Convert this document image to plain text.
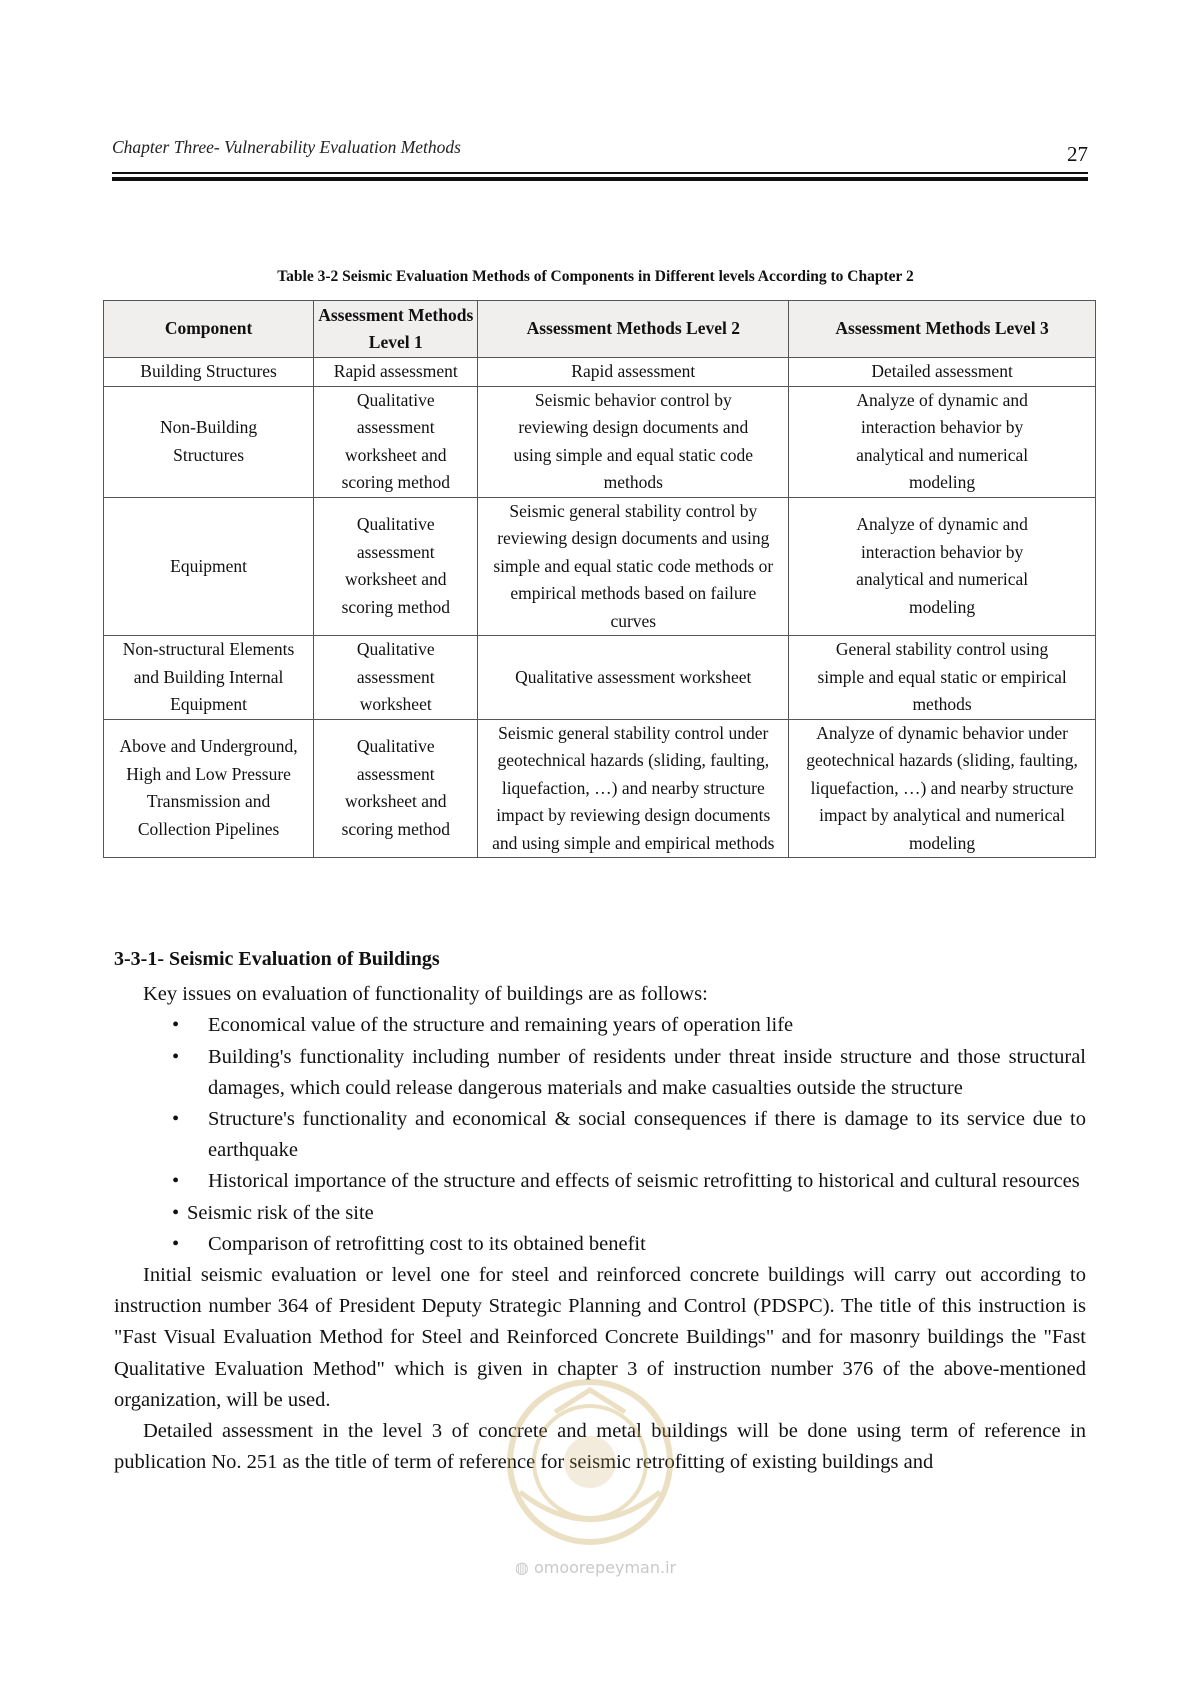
Chapter Three- Vulnerability Evaluation Methods	27
Table 3-2 Seismic Evaluation Methods of Components in Different levels According to Chapter 2
Component	Assessment Methods Level 1	Assessment Methods Level 2	Assessment Methods Level 3
Building Structures	Rapid assessment	Rapid assessment	Detailed assessment
Non-Building Structures	Qualitative assessment worksheet and scoring method	Seismic behavior control by reviewing design documents and using simple and equal static code methods	Analyze of dynamic and interaction behavior by analytical and numerical modeling
Equipment	Qualitative assessment worksheet and scoring method	Seismic general stability control by reviewing design documents and using simple and equal static code methods or empirical methods based on failure curves	Analyze of dynamic and interaction behavior by analytical and numerical modeling
Non-structural Elements and Building Internal Equipment	Qualitative assessment worksheet	Qualitative assessment worksheet	General stability control using simple and equal static or empirical methods
Above and Underground, High and Low Pressure Transmission and Collection Pipelines	Qualitative assessment worksheet and scoring method	Seismic general stability control under geotechnical hazards (sliding, faulting, liquefaction, …) and nearby structure impact by reviewing design documents and using simple and empirical methods	Analyze of dynamic behavior under geotechnical hazards (sliding, faulting, liquefaction, …) and nearby structure impact by analytical and numerical modeling
3-3-1- Seismic Evaluation of Buildings

Key issues on evaluation of functionality of buildings are as follows:

• Economical value of the structure and remaining years of operation life
• Building's functionality including number of residents under threat inside structure and those structural damages, which could release dangerous materials and make casualties outside the structure
• Structure's functionality and economical & social consequences if there is damage to its service due to earthquake
• Historical importance of the structure and effects of seismic retrofitting to historical and cultural resources
• Seismic risk of the site
• Comparison of retrofitting cost to its obtained benefit

Initial seismic evaluation or level one for steel and reinforced concrete buildings will carry out according to instruction number 364 of President Deputy Strategic Planning and Control (PDSPC). The title of this instruction is "Fast Visual Evaluation Method for Steel and Reinforced Concrete Buildings" and for masonry buildings the "Fast Qualitative Evaluation Method" which is given in chapter 3 of instruction number 376 of the above-mentioned organization, will be used.

Detailed assessment in the level 3 of concrete and metal buildings will be done using term of reference in publication No. 251 as the title of term of reference for seismic retrofitting of existing buildings and

◍ omoorepeyman.ir
